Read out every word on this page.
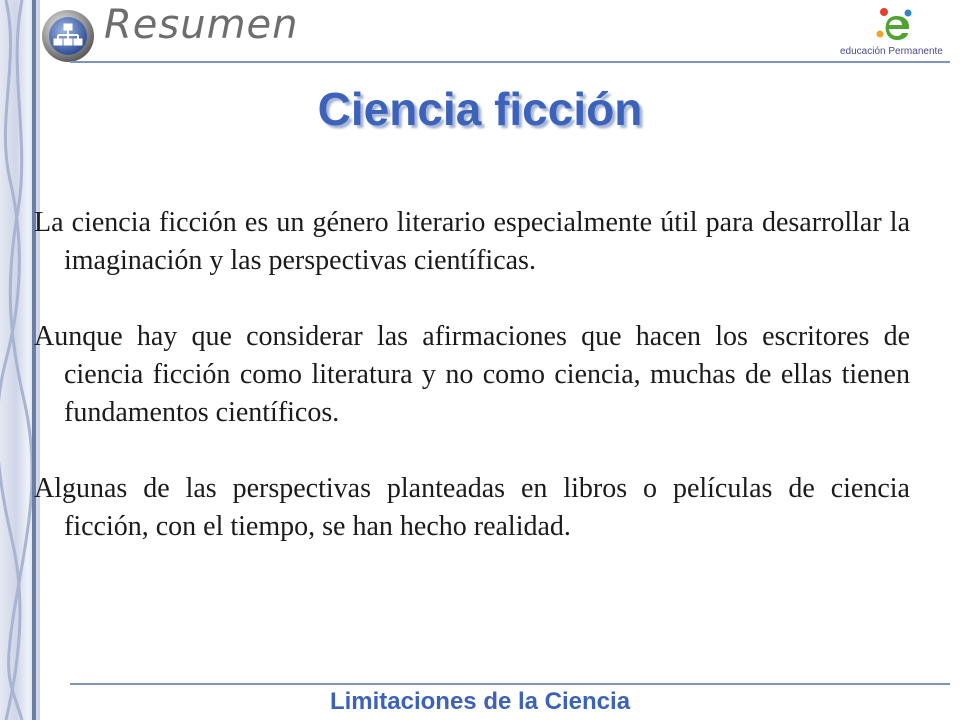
Resumen
educación Permanente
Ciencia ficción

La ciencia ficción es un género literario especialmente útil para desarrollar la imaginación y las perspectivas científicas.

Aunque hay que considerar las afirmaciones que hacen los escritores de ciencia ficción como literatura y no como ciencia, muchas de ellas tienen fundamentos científicos.

Algunas de las perspectivas planteadas en libros o películas de ciencia ficción, con el tiempo, se han hecho realidad.

Limitaciones de la Ciencia
